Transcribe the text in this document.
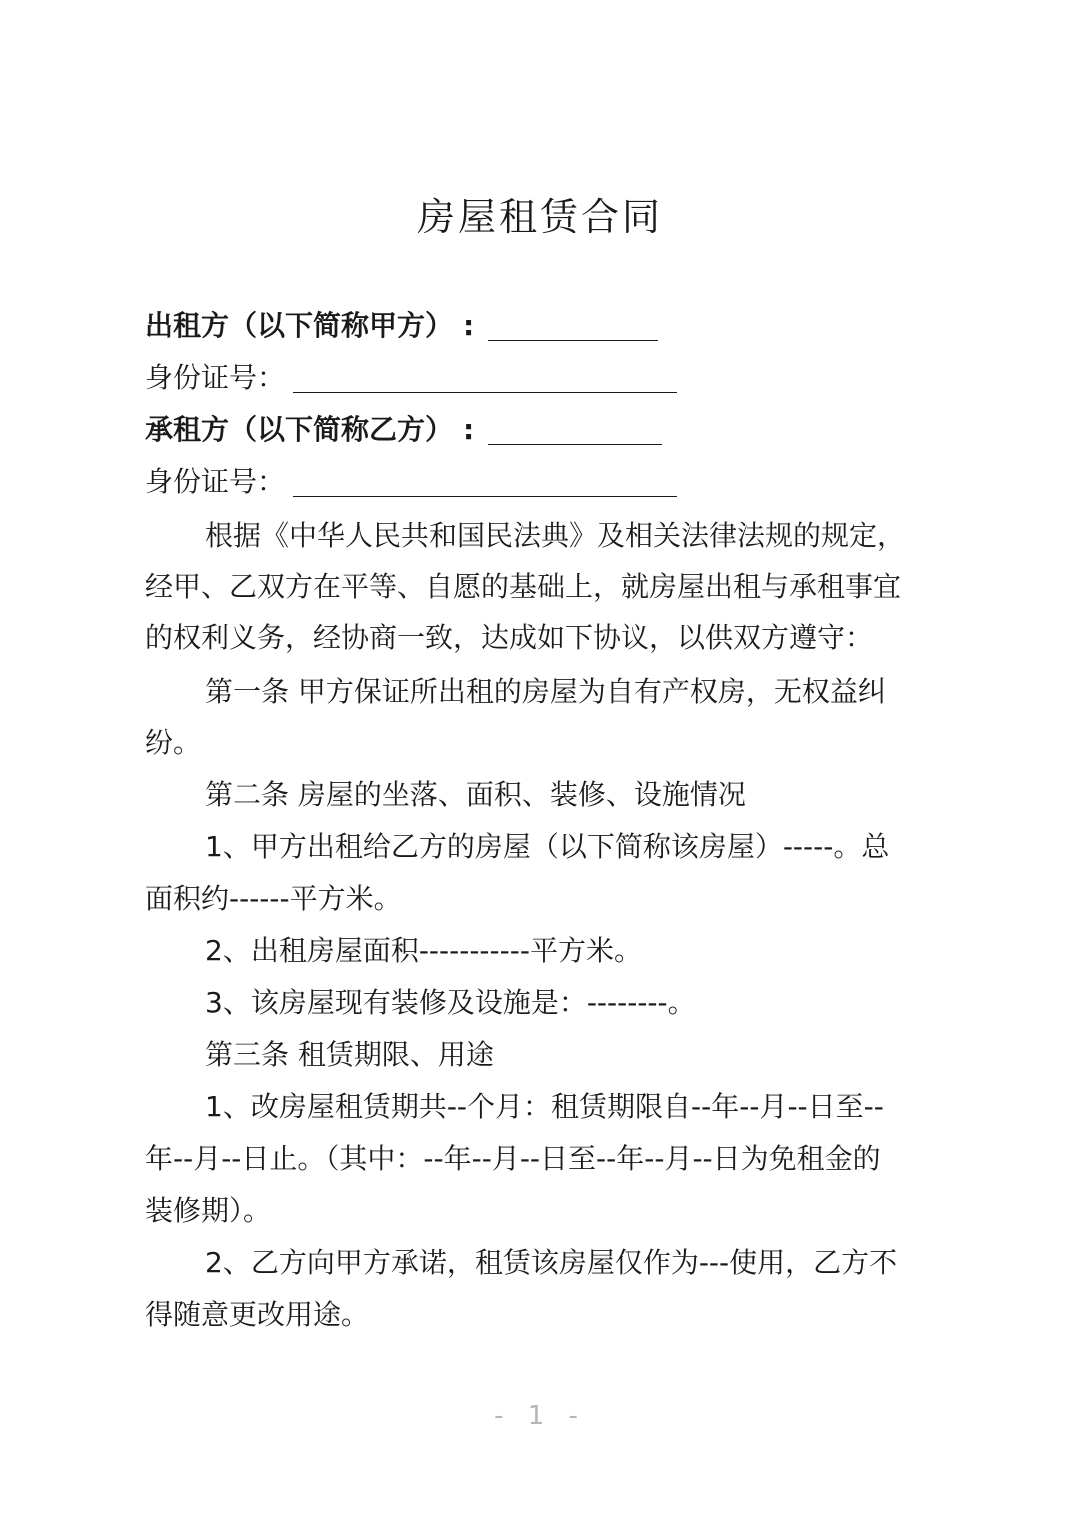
房屋租赁合同
出租方（以下简称甲方） :
身份证号：
承租方（以下简称乙方） :
身份证号：
根据《中华人民共和国民法典》及相关法律法规的规定，
经甲、乙双方在平等、自愿的基础上，就房屋出租与承租事宜
的权利义务，经协商一致，达成如下协议，以供双方遵守：
第一条 甲方保证所出租的房屋为自有产权房，无权益纠
纷。
第二条 房屋的坐落、面积、装修、设施情况
1、甲方出租给乙方的房屋（以下简称该房屋）-----。总
面积约------平方米。
2、出租房屋面积-----------平方米。
3、该房屋现有装修及设施是：--------。
第三条 租赁期限、用途
1、改房屋租赁期共--个月：租赁期限自--年--月--日至--
年--月--日止。（其中：--年--月--日至--年--月--日为免租金的
装修期）。
2、乙方向甲方承诺，租赁该房屋仅作为---使用，乙方不
得随意更改用途。
- 1 -
